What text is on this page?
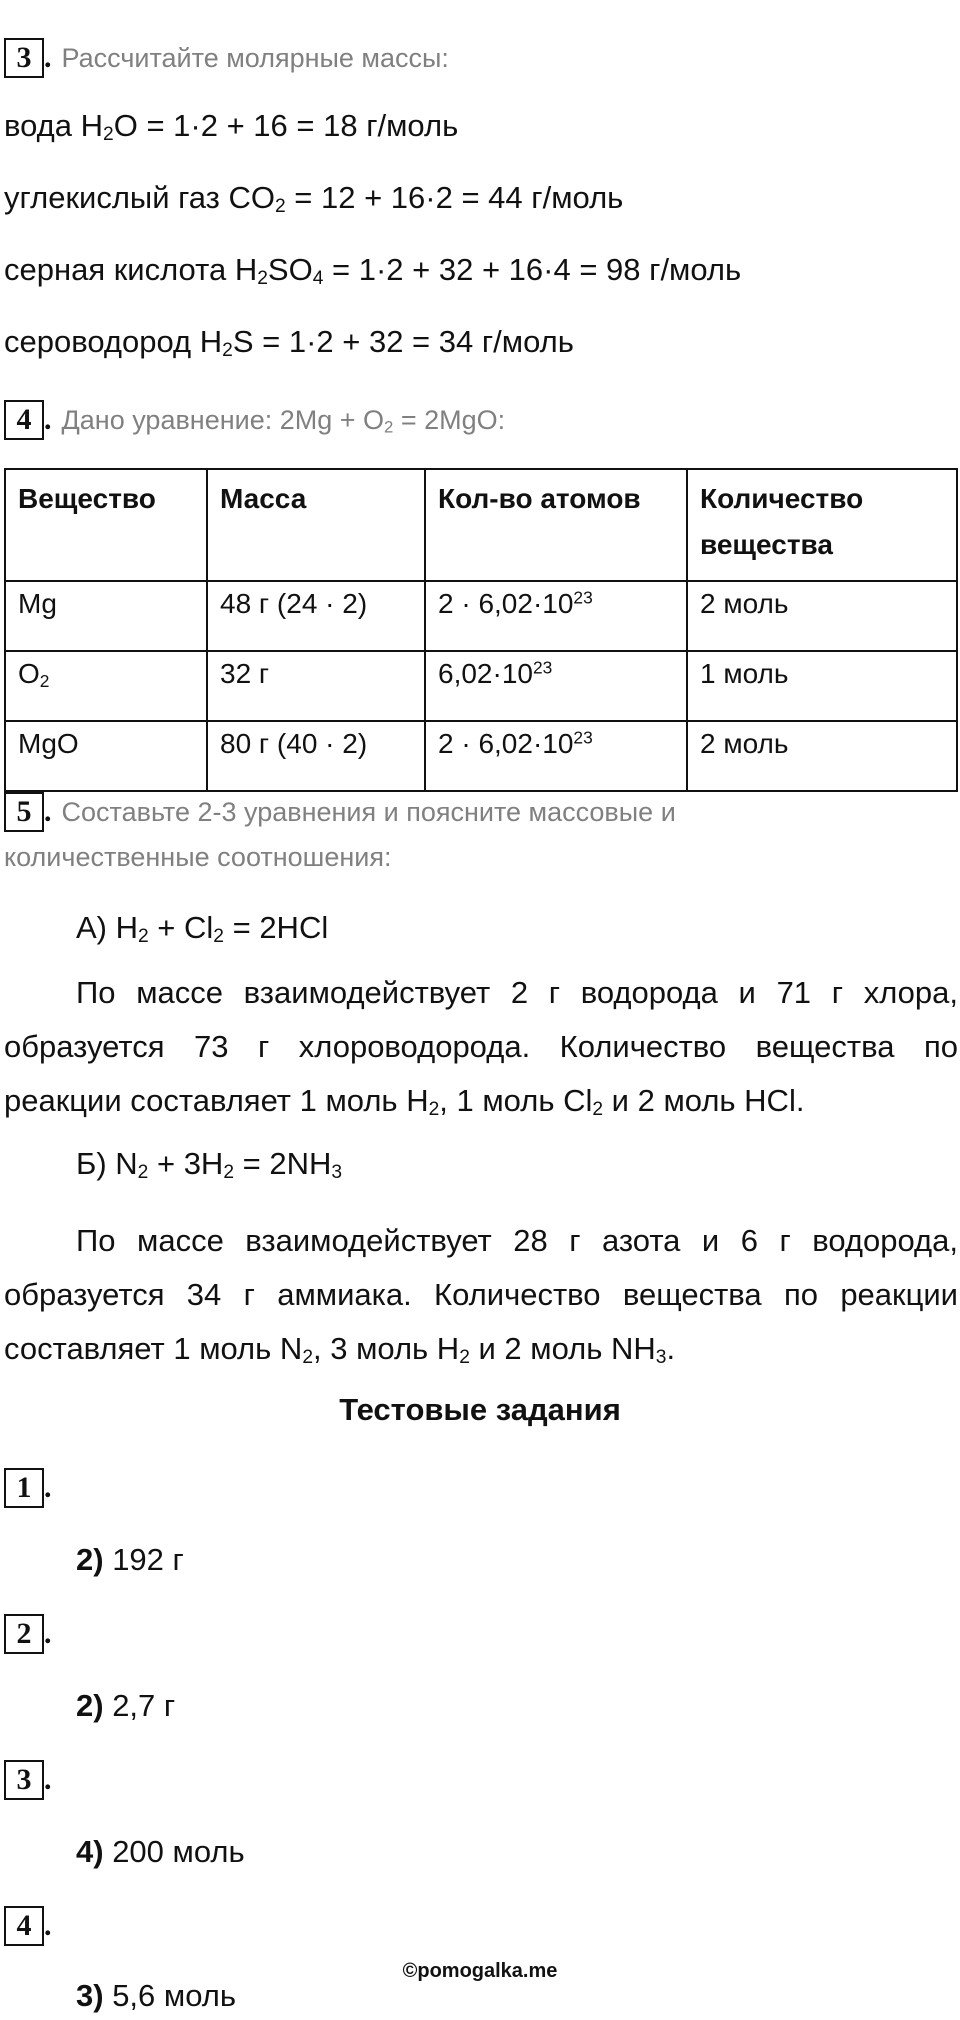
3 . Рассчитайте молярные массы:
вода $H_2O = 1\cdot 2 + 16 = 18$ г/моль
углекислый газ $CO_2 = 12 + 16\cdot 2 = 44$ г/моль
серная кислота $H_2SO_4 = 1\cdot 2 + 32 + 16\cdot 4 = 98$ г/моль
сероводород $H_2S = 1\cdot 2 + 32 = 34$ г/моль
4 . Дано уравнение: $2Mg + O_2 = 2MgO$:
Вещество	Масса	Кол-во атомов	Количество вещества
Mg	48 г (24 · 2)	$2 \cdot 6,02\cdot 10^{23}$	2 моль
$O_2$	32 г	$6,02\cdot 10^{23}$	1 моль
MgO	80 г (40 · 2)	$2 \cdot 6,02\cdot 10^{23}$	2 моль
5 . Составьте 2-3 уравнения и поясните массовые и
количественные соотношения:
А) $H_2 + Cl_2 = 2HCl$

По массе взаимодействует 2 г водорода и 71 г хлора, образуется 73 г хлороводорода. Количество вещества по реакции составляет 1 моль $H_2$, 1 моль $Cl_2$ и 2 моль HCl.

Б) $N_2 + 3H_2 = 2NH_3$

По массе взаимодействует 28 г азота и 6 г водорода, образуется 34 г аммиака. Количество вещества по реакции составляет 1 моль $N_2$, 3 моль $H_2$ и 2 моль $NH_3$.

Тестовые задания
1 .
2) 192 г
2 .
2) 2,7 г
3 .
4) 200 моль
4 .
©pomogalka.me
3) 5,6 моль
